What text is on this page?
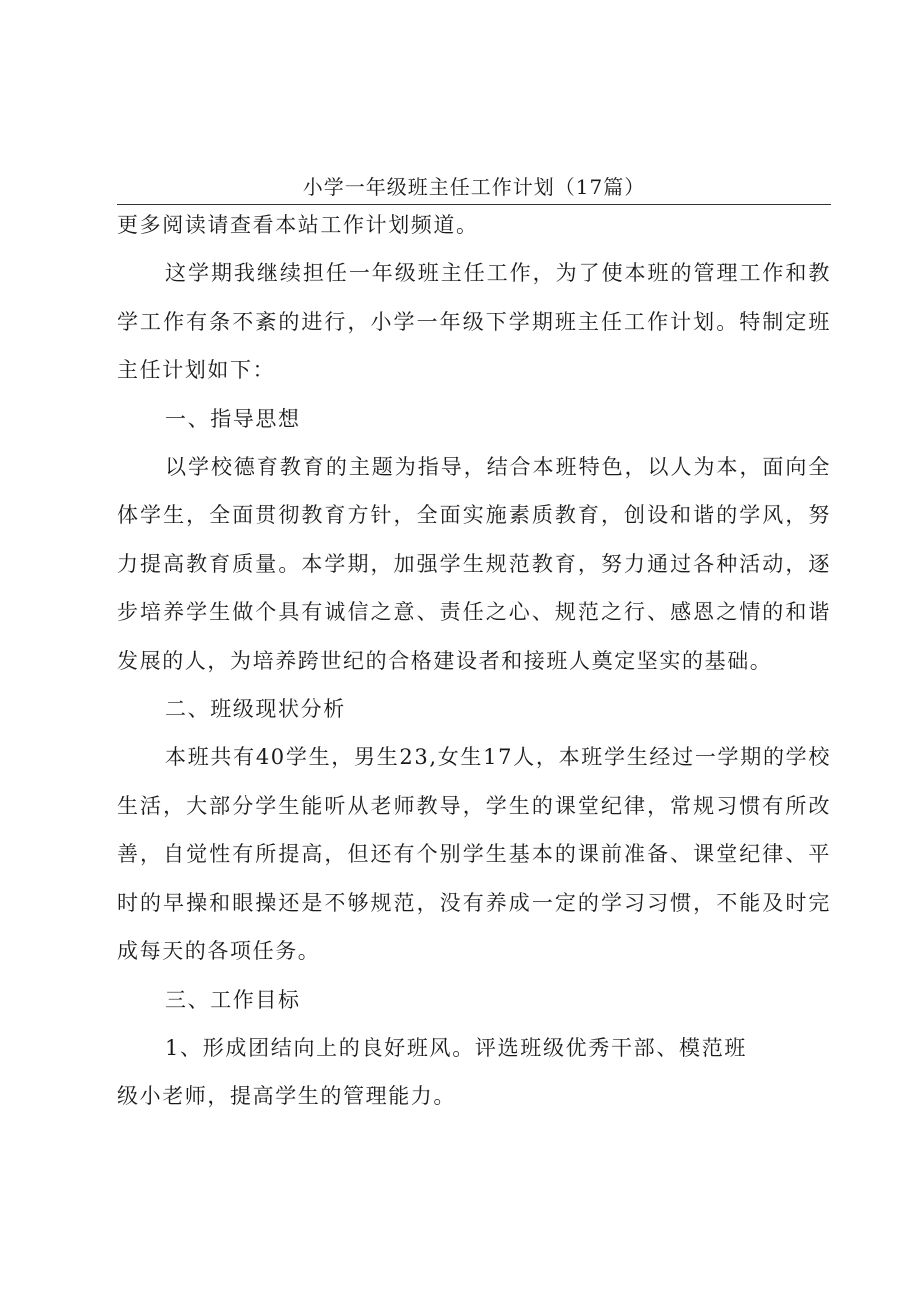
小学一年级班主任工作计划（17篇）

更多阅读请查看本站工作计划频道。

这学期我继续担任一年级班主任工作，为了使本班的管理工作和教学工作有条不紊的进行，小学一年级下学期班主任工作计划。特制定班主任计划如下：

一、指导思想

以学校德育教育的主题为指导，结合本班特色，以人为本，面向全体学生，全面贯彻教育方针，全面实施素质教育，创设和谐的学风，努力提高教育质量。本学期，加强学生规范教育，努力通过各种活动，逐步培养学生做个具有诚信之意、责任之心、规范之行、感恩之情的和谐发展的人，为培养跨世纪的合格建设者和接班人奠定坚实的基础。

二、班级现状分析

本班共有40学生，男生23,女生17人，本班学生经过一学期的学校生活，大部分学生能听从老师教导，学生的课堂纪律，常规习惯有所改善，自觉性有所提高，但还有个别学生基本的课前准备、课堂纪律、平时的早操和眼操还是不够规范，没有养成一定的学习习惯，不能及时完成每天的各项任务。

三、工作目标

1、形成团结向上的良好班风。评选班级优秀干部、模范班级小老师，提高学生的管理能力。
